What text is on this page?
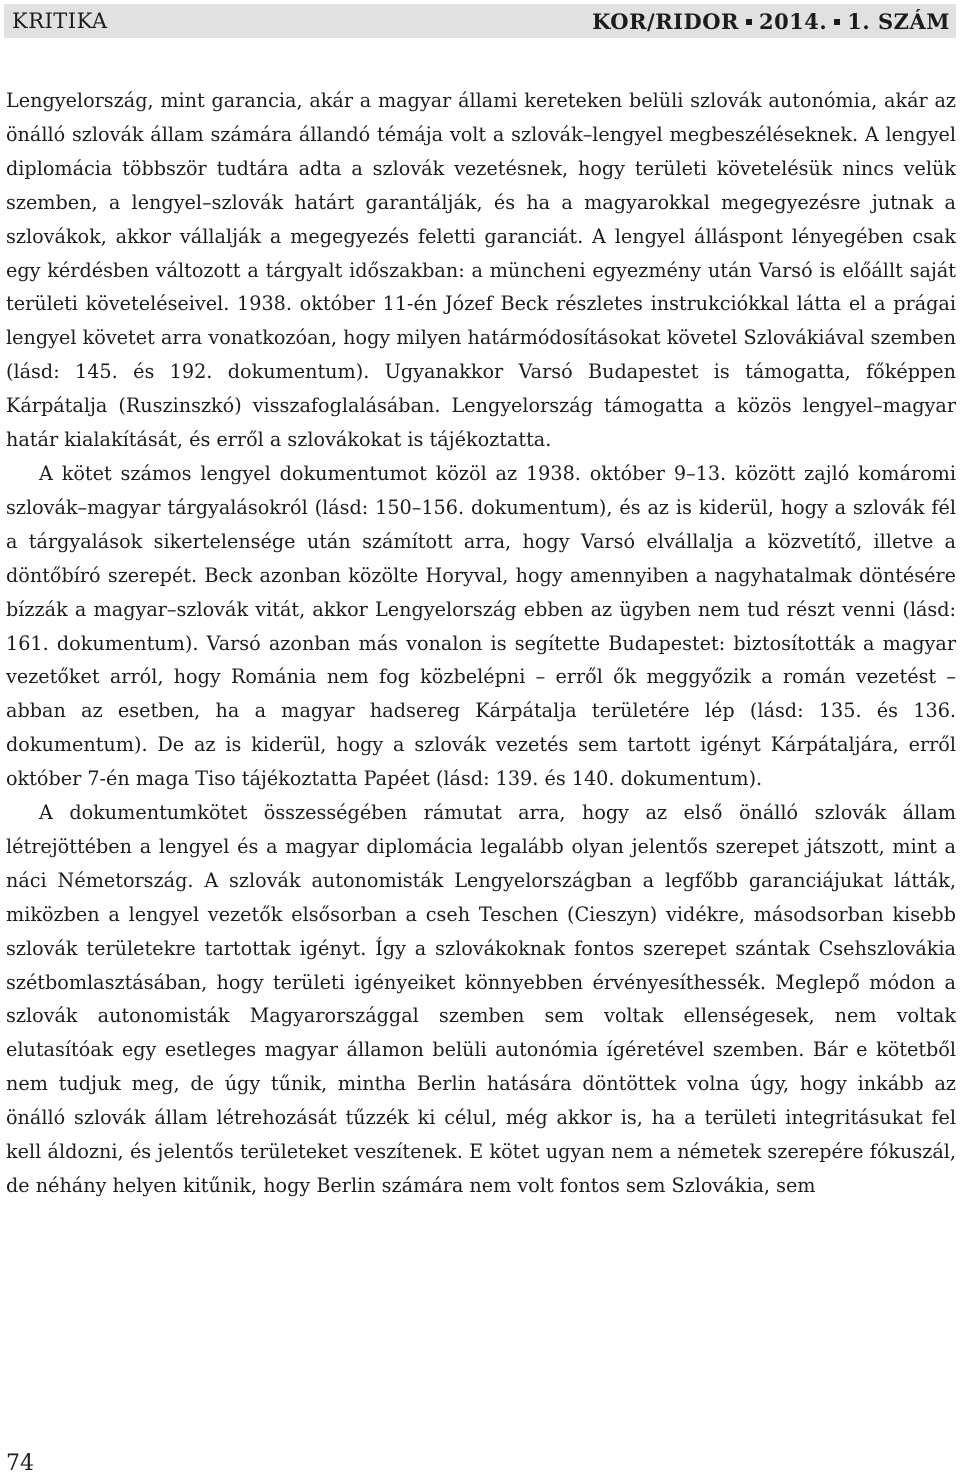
KRITIKA	KOR/RIDOR 2014. 1. SZÁM

Lengyelország, mint garancia, akár a magyar állami kereteken belüli szlovák autonómia, akár az önálló szlovák állam számára állandó témája volt a szlovák–lengyel megbeszéléseknek. A lengyel diplomácia többször tudtára adta a szlovák vezetésnek, hogy területi követelésük nincs velük szemben, a lengyel–szlovák határt garantálják, és ha a magyarokkal megegyezésre jutnak a szlovákok, akkor vállalják a megegyezés feletti garanciát. A lengyel álláspont lényegében csak egy kérdésben változott a tárgyalt időszakban: a müncheni egyezmény után Varsó is előállt saját területi követeléseivel. 1938. október 11-én Józef Beck részletes instrukciókkal látta el a prágai lengyel követet arra vonatkozóan, hogy milyen határmódosításokat követel Szlovákiával szemben (lásd: 145. és 192. dokumentum). Ugyanakkor Varsó Budapestet is támogatta, főképpen Kárpátalja (Ruszinszkó) visszafoglalásában. Lengyelország támogatta a közös lengyel–magyar határ kialakítását, és erről a szlovákokat is tájékoztatta.

A kötet számos lengyel dokumentumot közöl az 1938. október 9–13. között zajló komáromi szlovák–magyar tárgyalásokról (lásd: 150–156. dokumentum), és az is kiderül, hogy a szlovák fél a tárgyalások sikertelensége után számított arra, hogy Varsó elvállalja a közvetítő, illetve a döntőbíró szerepét. Beck azonban közölte Horyval, hogy amennyiben a nagyhatalmak döntésére bízzák a magyar–szlovák vitát, akkor Lengyelország ebben az ügyben nem tud részt venni (lásd: 161. dokumentum). Varsó azonban más vonalon is segítette Budapestet: biztosították a magyar vezetőket arról, hogy Románia nem fog közbelépni – erről ők meggyőzik a román vezetést – abban az esetben, ha a magyar hadsereg Kárpátalja területére lép (lásd: 135. és 136. dokumentum). De az is kiderül, hogy a szlovák vezetés sem tartott igényt Kárpátaljára, erről október 7-én maga Tiso tájékoztatta Papéet (lásd: 139. és 140. dokumentum).

A dokumentumkötet összességében rámutat arra, hogy az első önálló szlovák állam létrejöttében a lengyel és a magyar diplomácia legalább olyan jelentős szerepet játszott, mint a náci Németország. A szlovák autonomisták Lengyelországban a legfőbb garanciájukat látták, miközben a lengyel vezetők elsősorban a cseh Teschen (Cieszyn) vidékre, másodsorban kisebb szlovák területekre tartottak igényt. Így a szlovákoknak fontos szerepet szántak Csehszlovákia szétbomlasztásában, hogy területi igényeiket könnyebben érvényesíthessék. Meglepő módon a szlovák autonomisták Magyarországgal szemben sem voltak ellenségesek, nem voltak elutasítóak egy esetleges magyar államon belüli autonómia ígéretével szemben. Bár e kötetből nem tudjuk meg, de úgy tűnik, mintha Berlin hatására döntöttek volna úgy, hogy inkább az önálló szlovák állam létrehozását tűzzék ki célul, még akkor is, ha a területi integritásukat fel kell áldozni, és jelentős területeket veszítenek. E kötet ugyan nem a németek szerepére fókuszál, de néhány helyen kitűnik, hogy Berlin számára nem volt fontos sem Szlovákia, sem

74
